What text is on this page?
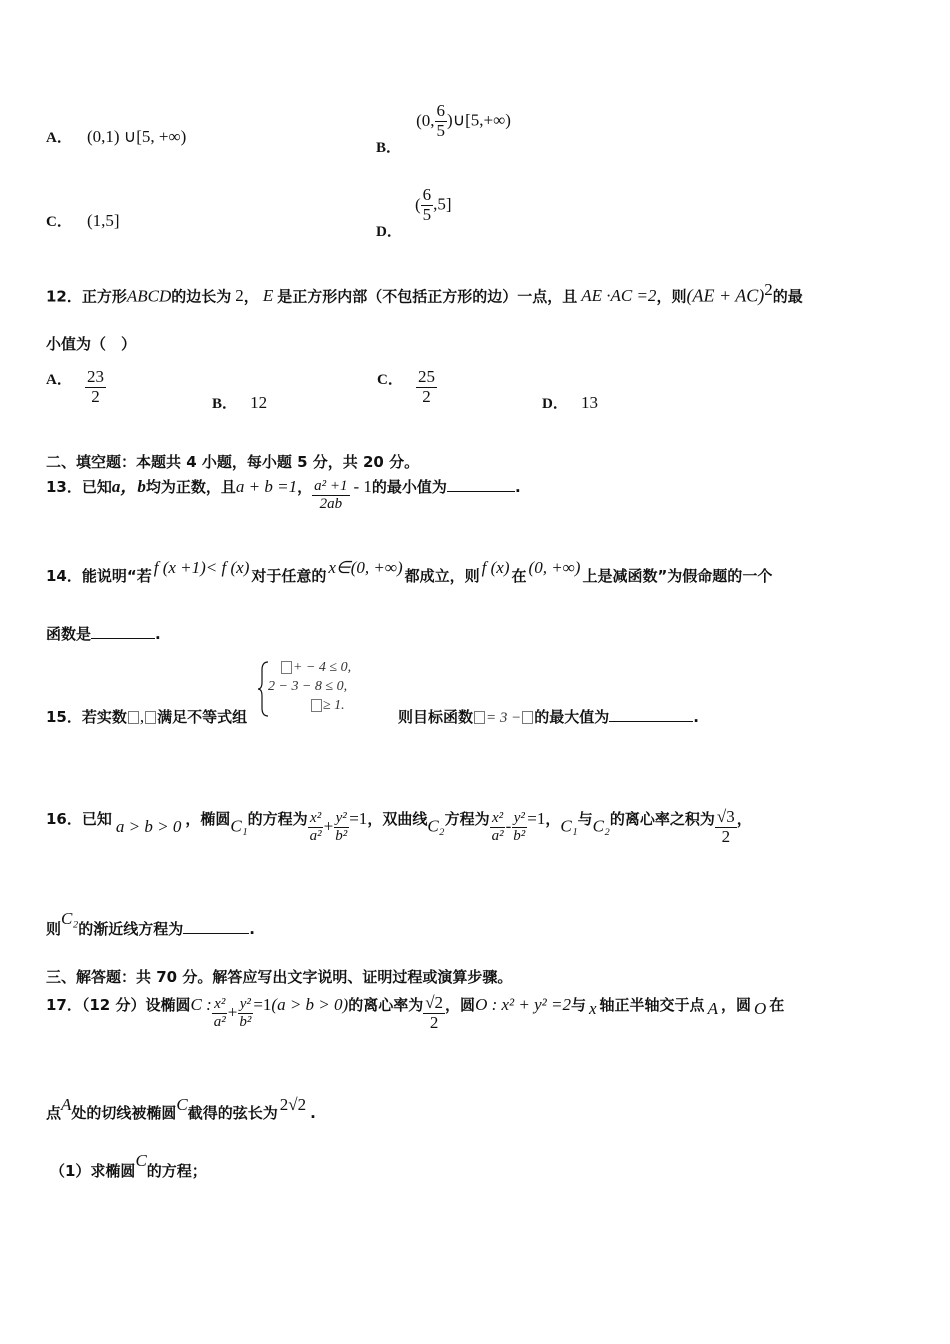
A． (0,1) ∪[5, +∞)
B． (0, $\frac{6}{5}$ )∪[5,+∞)
C． (1,5]
D． ( $\frac{6}{5} ,5$]
12．正方形ABCD的边长为 2， E 是正方形内部（不包括正方形的边）一点，且 AE ·AC =2，则(AE + AC)$^2$的最
小值为（　）
A． $\frac{23}{2}$	B． 12
C． $\frac{25}{2}$	D． 13
二、填空题：本题共 4 小题，每小题 5 分，共 20 分。
13．已知a，b均为正数，且a + b =1， $\frac{\text{a² +1}}{2ab} - 1$的最小值为	.
14．能说明“若 f (x +1)< f (x) 对于任意的 x∈(0, +∞) 都成立，则 f (x) 在 (0, +∞) 上是减函数”为假命题的一个
函数是	.
15．若实数 , 满足不等式组
+ − 4 ≤ 0,
2 − 3 − 8 ≤ 0,
≥ 1.
则目标函数 = 3 − 的最大值为	.
16．已知 a > b > 0 ，椭圆C₁的方程为 $\frac{\text{x²}}{\text{a²}} + \frac{\text{y²}}{\text{b²}} =1$，双曲线C₂方程为 $\frac{\text{x²}}{\text{a²}} - \frac{\text{y²}}{\text{b²}} =1$，C₁与C₂的离心率之积为 $\frac{√3}{2}$ ，
则C₂的渐近线方程为	.
三、解答题：共 70 分。解答应写出文字说明、证明过程或演算步骤。
17．（12 分）设椭圆C : $\frac{\text{x²}}{\text{a²}} + \frac{\text{y²}}{\text{b²}} =1(a > b > 0)$的离心率为 $\frac{√2}{2}$ ，圆O : x² + y² =2与 x 轴正半轴交于点 A ，圆 O 在
点A处的切线被椭圆C截得的弦长为 2√2 .
（1）求椭圆C的方程；
